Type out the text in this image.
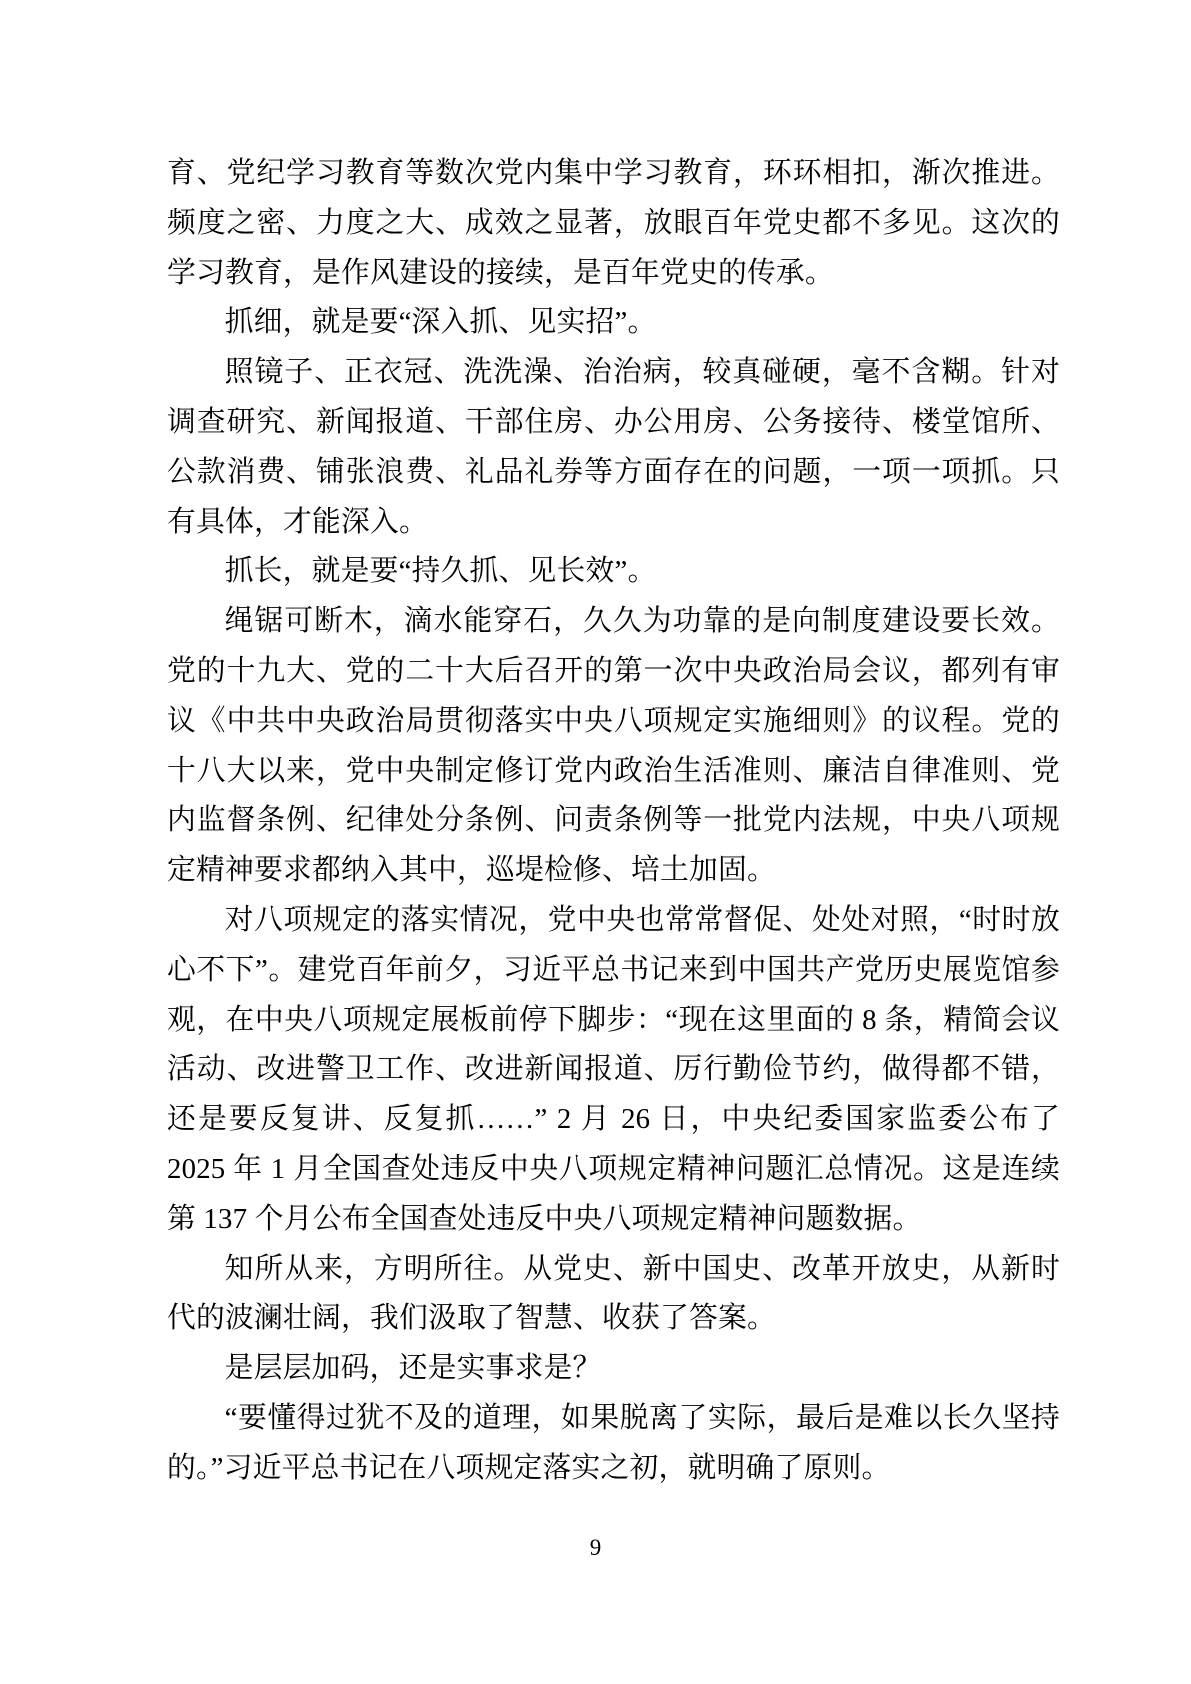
育、党纪学习教育等数次党内集中学习教育，环环相扣，渐次推进。频度之密、力度之大、成效之显著，放眼百年党史都不多见。这次的学习教育，是作风建设的接续，是百年党史的传承。

抓细，就是要“深入抓、见实招”。

照镜子、正衣冠、洗洗澡、治治病，较真碰硬，毫不含糊。针对调查研究、新闻报道、干部住房、办公用房、公务接待、楼堂馆所、公款消费、铺张浪费、礼品礼券等方面存在的问题，一项一项抓。只有具体，才能深入。

抓长，就是要“持久抓、见长效”。

绳锯可断木，滴水能穿石，久久为功靠的是向制度建设要长效。党的十九大、党的二十大后召开的第一次中央政治局会议，都列有审议《中共中央政治局贯彻落实中央八项规定实施细则》的议程。党的十八大以来，党中央制定修订党内政治生活准则、廉洁自律准则、党内监督条例、纪律处分条例、问责条例等一批党内法规，中央八项规定精神要求都纳入其中，巡堤检修、培土加固。

对八项规定的落实情况，党中央也常常督促、处处对照，“时时放心不下”。建党百年前夕，习近平总书记来到中国共产党历史展览馆参观，在中央八项规定展板前停下脚步：“现在这里面的 8 条，精简会议活动、改进警卫工作、改进新闻报道、厉行勤俭节约，做得都不错，还是要反复讲、反复抓……” 2 月 26 日，中央纪委国家监委公布了 2025 年 1 月全国查处违反中央八项规定精神问题汇总情况。这是连续第 137 个月公布全国查处违反中央八项规定精神问题数据。

知所从来，方明所往。从党史、新中国史、改革开放史，从新时代的波澜壮阔，我们汲取了智慧、收获了答案。

是层层加码，还是实事求是？

“要懂得过犹不及的道理，如果脱离了实际，最后是难以长久坚持的。”习近平总书记在八项规定落实之初，就明确了原则。

9
